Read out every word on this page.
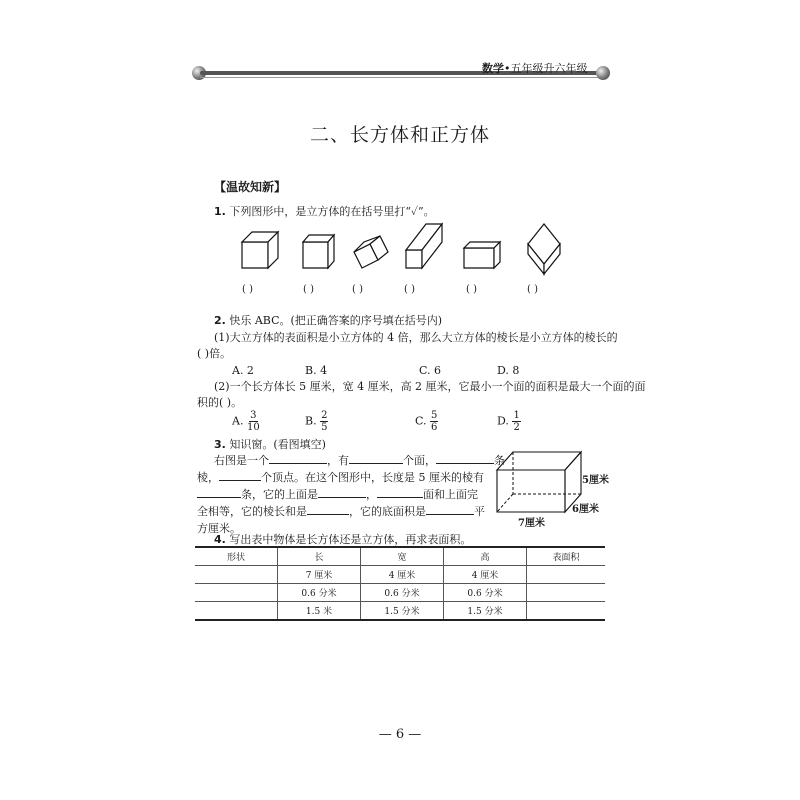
数学•五年级升六年级
二、长方体和正方体
【温故知新】
1. 下列图形中，是立方体的在括号里打“✓”。
( )	( )	( )	( )	( )	( )
2. 快乐 ABC。(把正确答案的序号填在括号内)
(1)大立方体的表面积是小立方体的 4 倍，那么大立方体的棱长是小立方体的棱长的
( )倍。
A. 2	B. 4	C. 6	D. 8
(2)一个长方体长 5 厘米，宽 4 厘米，高 2 厘米，它最小一个面的面积是最大一个面的面
积的( )。
A. $\frac{3}{10}$	B. $\frac{2}{5}$	C. $\frac{5}{6}$	D. $\frac{1}{2}$
3. 知识窗。(看图填空)
右图是一个	，有	个面，	条
棱，	个顶点。在这个图形中，长度是 5 厘米的棱有
条，它的上面是	，	面和上面完
全相等，它的棱长和是	，它的底面积是	平
方厘米。
5厘米
6厘米
7厘米
4. 写出表中物体是长方体还是立方体，再求表面积。
形状	长	宽	高	表面积
	7 厘米	4 厘米	4 厘米	
	0.6 分米	0.6 分米	0.6 分米	
	1.5 米	1.5 分米	1.5 分米	
— 6 —
